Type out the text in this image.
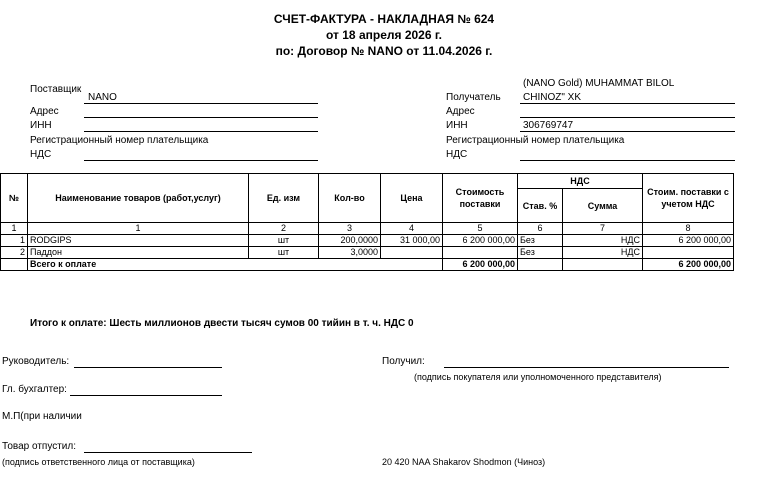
СЧЕТ-ФАКТУРА - НАКЛАДНАЯ № 624
от 18 апреля 2026 г.
по: Договор № NANO от 11.04.2026 г.
Поставщик
NANO
Адрес
ИНН
Регистрационный номер плательщика
НДС
(NANO Gold) MUHAMMAT BILOL
Получатель CHINOZ" XK
Адрес
ИНН	306769747
Регистрационный номер плательщика
НДС
№	Наименование товаров (работ,услуг)	Ед. изм	Кол-во	Цена	Стоимость поставки	НДС		Стоим. поставки с учетом НДС
						Став. %	Сумма	
1	1	2	3	4	5	6	7	8
1	RODGIPS	шт	200,0000	31 000,00	6 200 000,00	Без	НДС	6 200 000,00
2	Паддон	шт	3,0000			Без	НДС	
	Всего к оплате				6 200 000,00			6 200 000,00
Итого к оплате: Шесть миллионов двести тысяч сумов 00 тийин в т. ч. НДС 0
Руководитель:
Гл. бухгалтер:
М.П(при наличии
Товар отпустил:
(подпись ответственного лица от поставщика)
Получил:
(подпись покупателя или уполномоченного представителя)
20 420 NAA Shakarov Shodmon (Чиноз)
